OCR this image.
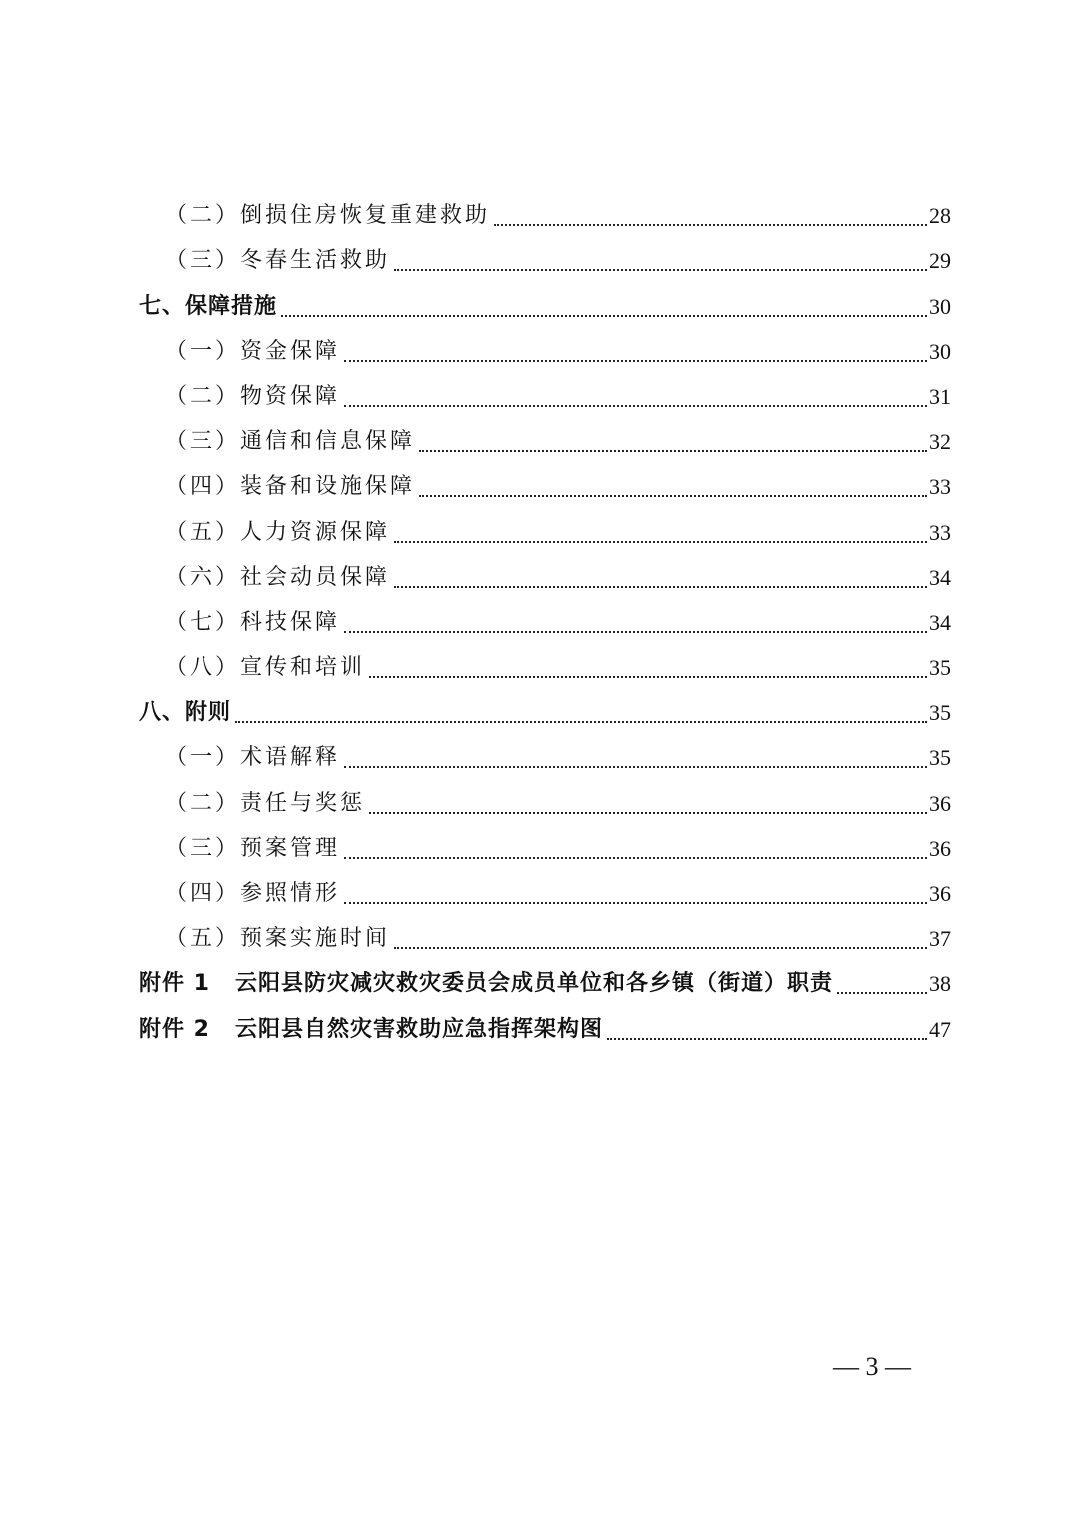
（二）倒损住房恢复重建救助	28
（三）冬春生活救助	29
七、保障措施	30
（一）资金保障	30
（二）物资保障	31
（三）通信和信息保障	32
（四）装备和设施保障	33
（五）人力资源保障	33
（六）社会动员保障	34
（七）科技保障	34
（八）宣传和培训	35
八、附则	35
（一）术语解释	35
（二）责任与奖惩	36
（三）预案管理	36
（四）参照情形	36
（五）预案实施时间	37
附件 1	云阳县防灾减灾救灾委员会成员单位和各乡镇（街道）职责	38
附件 2	云阳县自然灾害救助应急指挥架构图	47
— 3 —
